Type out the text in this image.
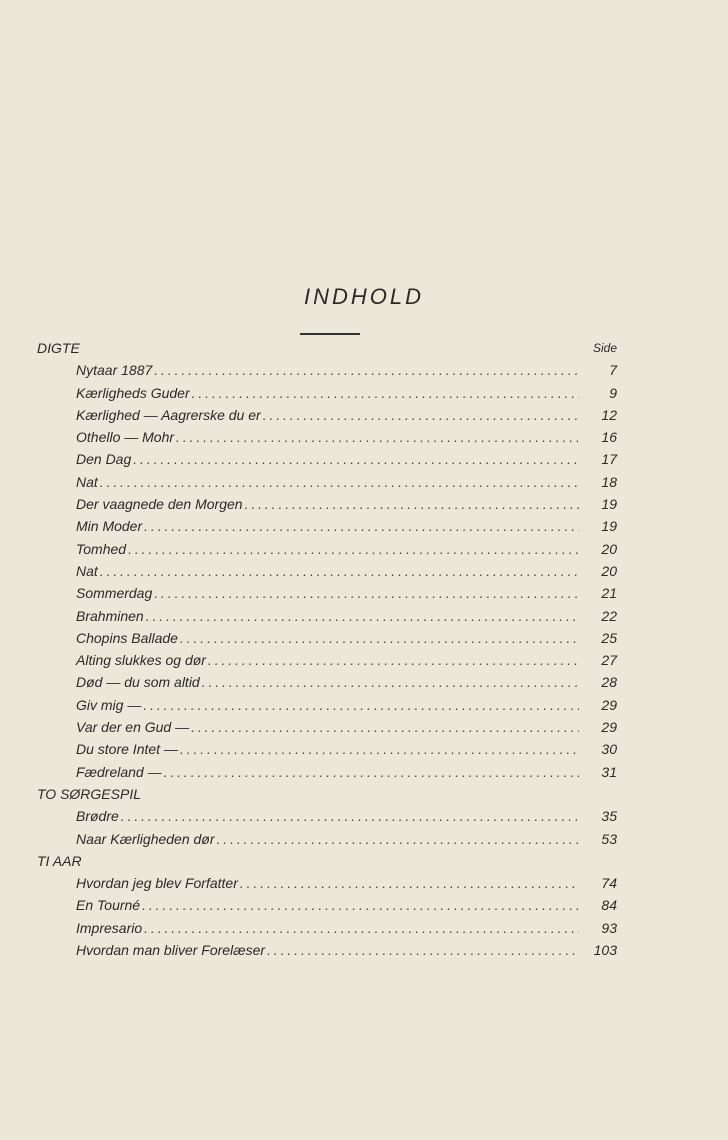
INDHOLD
DIGTE	Side
Nytaar 1887 . . .	7
Kærligheds Guder . . .	9
Kærlighed — Aagrerske du er . . .	12
Othello — Mohr . . .	16
Den Dag . . .	17
Nat . . .	18
Der vaagnede den Morgen . . .	19
Min Moder . . .	19
Tomhed . . .	20
Nat . . .	20
Sommerdag . . .	21
Brahminen . . .	22
Chopins Ballade . . .	25
Alting slukkes og dør . . .	27
Død — du som altid . . .	28
Giv mig — . . .	29
Var der en Gud — . . .	29
Du store Intet — . . .	30
Fædreland — . . .	31
TO SØRGESPIL
Brødre . . .	35
Naar Kærligheden dør . . .	53
TI AAR
Hvordan jeg blev Forfatter . . .	74
En Tourné . . .	84
Impresario . . .	93
Hvordan man bliver Forelæser . . .	103
